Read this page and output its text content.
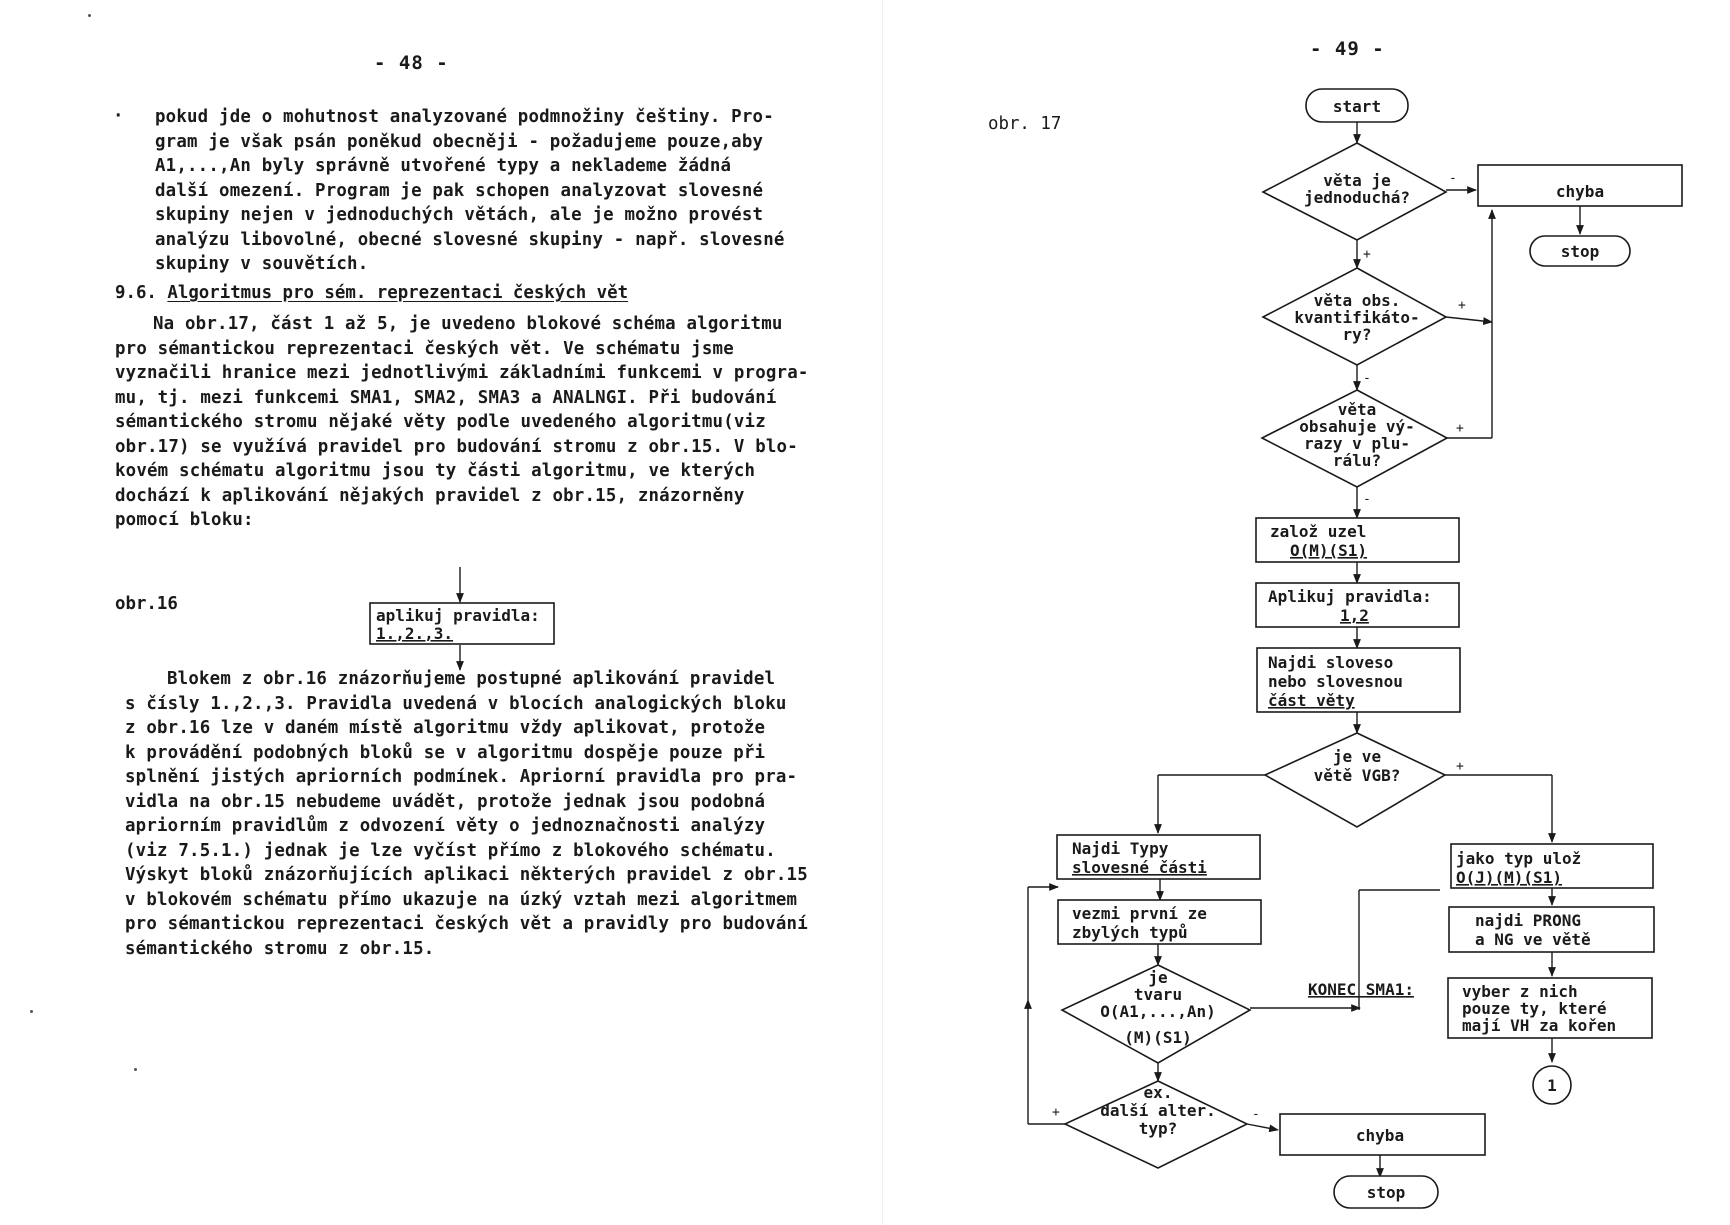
- 48 -
· pokud jde o mohutnost analyzované podmnožiny češtiny. Pro-
gram je však psán poněkud obecněji - požadujeme pouze,aby
A1,...,An byly správně utvořené typy a neklademe žádná
další omezení. Program je pak schopen analyzovat slovesné
skupiny nejen v jednoduchých větách, ale je možno provést
analýzu libovolné, obecné slovesné skupiny - např. slovesné
skupiny v souvětích.
9.6. Algoritmus pro sém. reprezentaci českých vět
Na obr.17, část 1 až 5, je uvedeno blokové schéma algoritmu
pro sémantickou reprezentaci českých vět. Ve schématu jsme
vyznačili hranice mezi jednotlivými základními funkcemi v progra-
mu, tj. mezi funkcemi SMA1, SMA2, SMA3 a ANALNGI. Při budování
sémantického stromu nějaké věty podle uvedeného algoritmu(viz
obr.17) se využívá pravidel pro budování stromu z obr.15. V blo-
kovém schématu algoritmu jsou ty části algoritmu, ve kterých
dochází k aplikování nějakých pravidel z obr.15, znázorněny
pomocí bloku:
obr.16
aplikuj pravidla:
1.,2.,3.
Blokem z obr.16 znázorňujeme postupné aplikování pravidel
s čísly 1.,2.,3. Pravidla uvedená v blocích analogických bloku
z obr.16 lze v daném místě algoritmu vždy aplikovat, protože
k provádění podobných bloků se v algoritmu dospěje pouze při
splnění jistých apriorních podmínek. Apriorní pravidla pro pra-
vidla na obr.15 nebudeme uvádět, protože jednak jsou podobná
apriorním pravidlům z odvození věty o jednoznačnosti analýzy
(viz 7.5.1.) jednak je lze vyčíst přímo z blokového schématu.
Výskyt bloků znázorňujících aplikaci některých pravidel z obr.15
v blokovém schématu přímo ukazuje na úzký vztah mezi algoritmem
pro sémantickou reprezentaci českých vět a pravidly pro budování
sémantického stromu z obr.15.
- 49 -
obr. 17
start
věta je
jednoduchá?	chyba
stop
věta obs.
kvantifikáto-
ry?
věta
obsahuje vý-
razy v plu-
rálu?
založ uzel
O(M)(S1)
Aplikuj pravidla:
1,2
Najdi sloveso
nebo slovesnou
část věty
je ve
větě VGB?
Najdi Typy
slovesné části	jako typ ulož
O(J)(M)(S1)
vezmi první ze
zbylých typů
najdi PRONG
a NG ve větě
je
tvaru
O(A1,...,An)
(M)(S1)
KONEC SMA1:	vyber z nich
pouze ty, které
mají VH za kořen
1
ex.
další alter.
typ?	chyba
stop
-
+
+
-
+
-
+
+	-
